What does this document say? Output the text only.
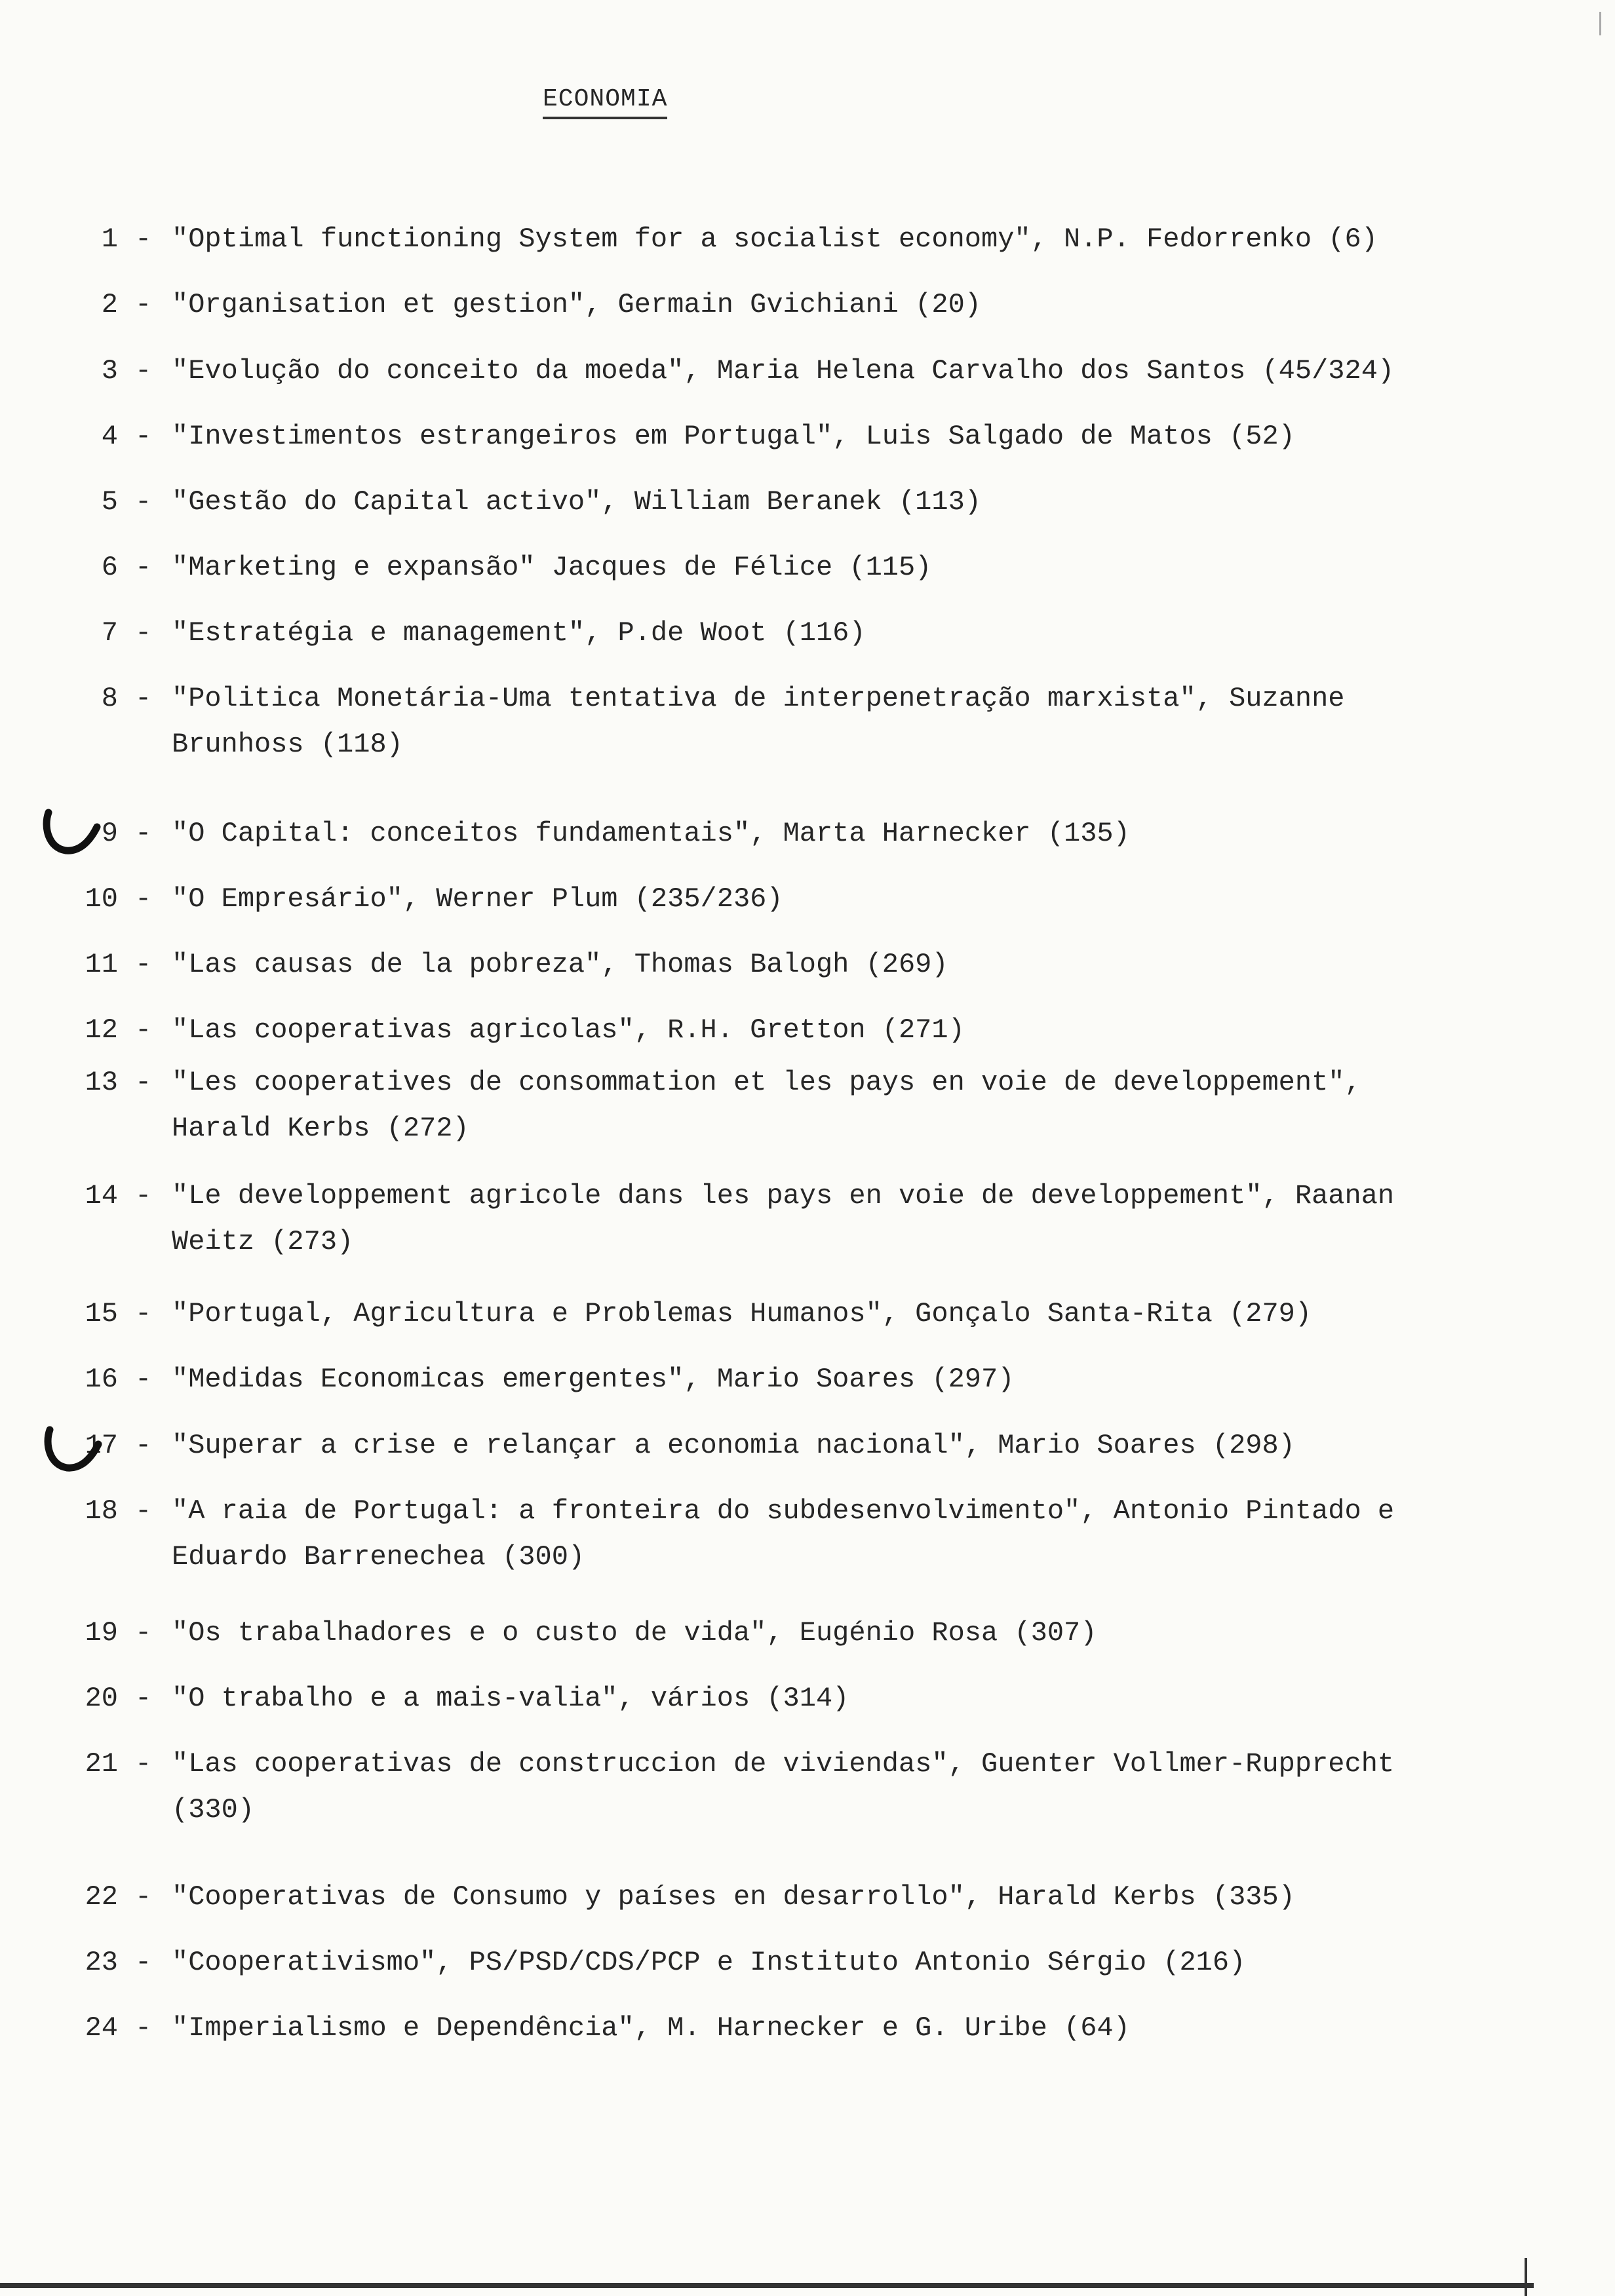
ECONOMIA
1 - "Optimal functioning System for a socialist economy", N.P. Fedorrenko (6)
2 - "Organisation et gestion", Germain Gvichiani (20)
3 - "Evolução do conceito da moeda", Maria Helena Carvalho dos Santos (45/324)
4 - "Investimentos estrangeiros em Portugal", Luis Salgado de Matos (52)
5 - "Gestão do Capital activo", William Beranek (113)
6 - "Marketing e expansão" Jacques de Félice (115)
7 - "Estratégia e management", P.de Woot (116)
8 - "Politica Monetária-Uma tentativa de interpenetração marxista", Suzanne
Brunhoss (118)
9 - "O Capital: conceitos fundamentais", Marta Harnecker (135)
10 - "O Empresário", Werner Plum (235/236)
11 - "Las causas de la pobreza", Thomas Balogh (269)
12 - "Las cooperativas agricolas", R.H. Gretton (271)
13 - "Les cooperatives de consommation et les pays en voie de developpement",
Harald Kerbs (272)
14 - "Le developpement agricole dans les pays en voie de developpement", Raanan
Weitz (273)
15 - "Portugal, Agricultura e Problemas Humanos", Gonçalo Santa-Rita (279)
16 - "Medidas Economicas emergentes", Mario Soares (297)
17 - "Superar a crise e relançar a economia nacional", Mario Soares (298)
18 - "A raia de Portugal: a fronteira do subdesenvolvimento", Antonio Pintado e
Eduardo Barrenechea (300)
19 - "Os trabalhadores e o custo de vida", Eugénio Rosa (307)
20 - "O trabalho e a mais-valia", vários (314)
21 - "Las cooperativas de construccion de viviendas", Guenter Vollmer-Rupprecht
(330)
22 - "Cooperativas de Consumo y países en desarrollo", Harald Kerbs (335)
23 - "Cooperativismo", PS/PSD/CDS/PCP e Instituto Antonio Sérgio (216)
24 - "Imperialismo e Dependência", M. Harnecker e G. Uribe (64)
